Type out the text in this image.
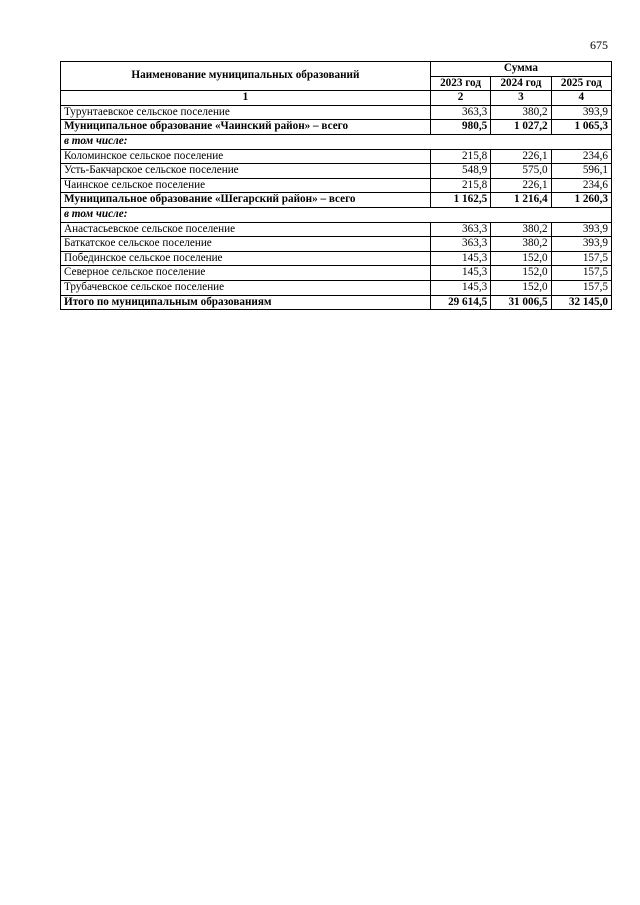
675
Наименование муниципальных образований	Сумма		
	2023 год	2024 год	2025 год
1	2	3	4
Турунтаевское сельское поселение	363,3	380,2	393,9
Муниципальное образование «Чаинский район» – всего	980,5	1 027,2	1 065,3
в том числе:			
Коломинское сельское поселение	215,8	226,1	234,6
Усть-Бакчарское сельское поселение	548,9	575,0	596,1
Чаинское сельское поселение	215,8	226,1	234,6
Муниципальное образование «Шегарский район» – всего	1 162,5	1 216,4	1 260,3
в том числе:			
Анастасьевское сельское поселение	363,3	380,2	393,9
Баткатское сельское поселение	363,3	380,2	393,9
Побединское сельское поселение	145,3	152,0	157,5
Северное сельское поселение	145,3	152,0	157,5
Трубачевское сельское поселение	145,3	152,0	157,5
Итого по муниципальным образованиям	29 614,5	31 006,5	32 145,0
